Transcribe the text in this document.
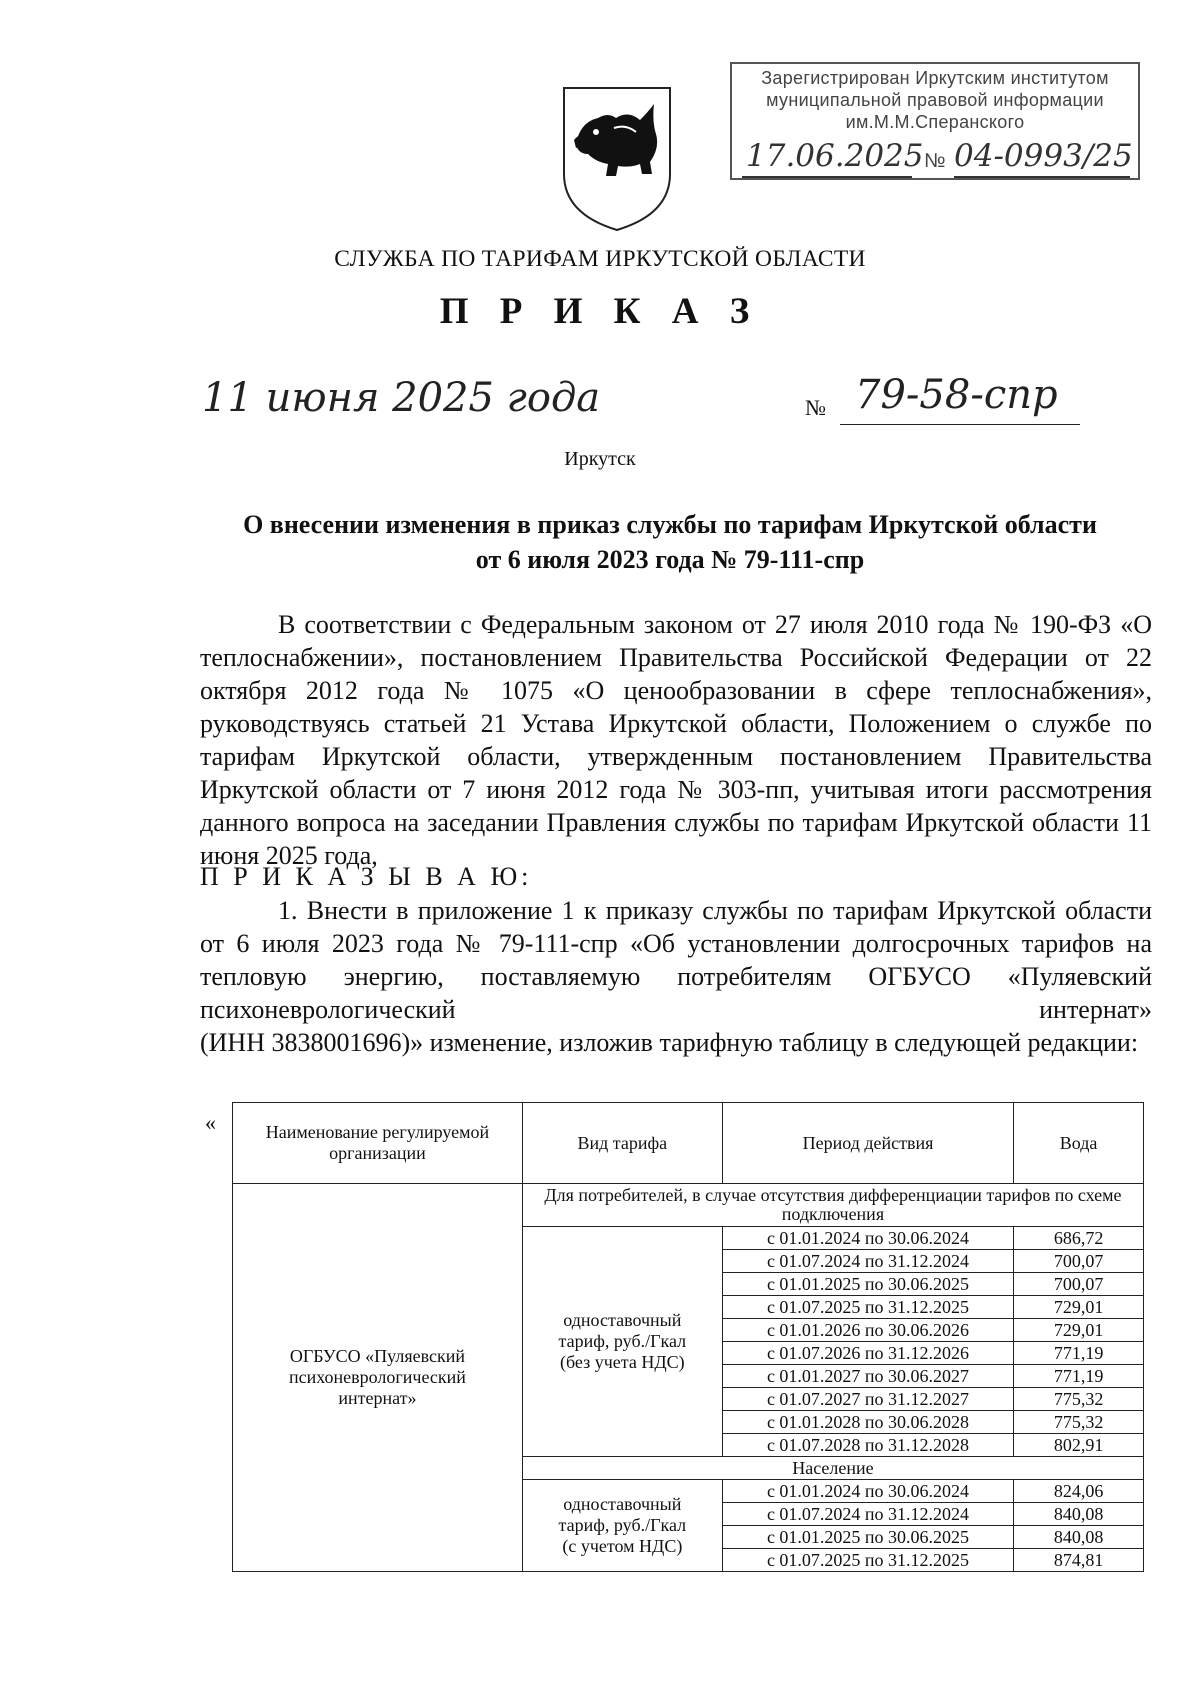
Зарегистрирован Иркутским институтом
муниципальной правовой информации
им.М.М.Сперанского
17.06.2025 № 04-0993/25
СЛУЖБА ПО ТАРИФАМ ИРКУТСКОЙ ОБЛАСТИ
П Р И К А З
11 июня 2025 года	№ 79-58-спр
Иркутск
О внесении изменения в приказ службы по тарифам Иркутской области
от 6 июля 2023 года № 79-111-спр
В соответствии с Федеральным законом от 27 июля 2010 года № 190-ФЗ «О теплоснабжении», постановлением Правительства Российской Федерации от 22 октября 2012 года № 1075 «О ценообразовании в сфере теплоснабжения», руководствуясь статьей 21 Устава Иркутской области, Положением о службе по тарифам Иркутской области, утвержденным постановлением Правительства Иркутской области от 7 июня 2012 года № 303-пп, учитывая итоги рассмотрения данного вопроса на заседании Правления службы по тарифам Иркутской области 11 июня 2025 года,
П Р И К А З Ы В А Ю:
1. Внести в приложение 1 к приказу службы по тарифам Иркутской области от 6 июля 2023 года № 79-111-спр «Об установлении долгосрочных тарифов на тепловую энергию, поставляемую потребителям ОГБУСО «Пуляевский психоневрологический интернат»
(ИНН 3838001696)» изменение, изложив тарифную таблицу в следующей редакции:
«	Наименование регулируемой организации	Вид тарифа	Период действия	Вода
ОГБУСО «Пуляевский психоневрологический интернат»	Для потребителей, в случае отсутствия дифференциации тарифов по схеме подключения		
	одноставочный тариф, руб./Гкал (без учета НДС)	с 01.01.2024 по 30.06.2024	686,72
		с 01.07.2024 по 31.12.2024	700,07
		с 01.01.2025 по 30.06.2025	700,07
		с 01.07.2025 по 31.12.2025	729,01
		с 01.01.2026 по 30.06.2026	729,01
		с 01.07.2026 по 31.12.2026	771,19
		с 01.01.2027 по 30.06.2027	771,19
		с 01.07.2027 по 31.12.2027	775,32
		с 01.01.2028 по 30.06.2028	775,32
		с 01.07.2028 по 31.12.2028	802,91
	Население		
	одноставочный тариф, руб./Гкал (с учетом НДС)	с 01.01.2024 по 30.06.2024	824,06
		с 01.07.2024 по 31.12.2024	840,08
		с 01.01.2025 по 30.06.2025	840,08
		с 01.07.2025 по 31.12.2025	874,81
